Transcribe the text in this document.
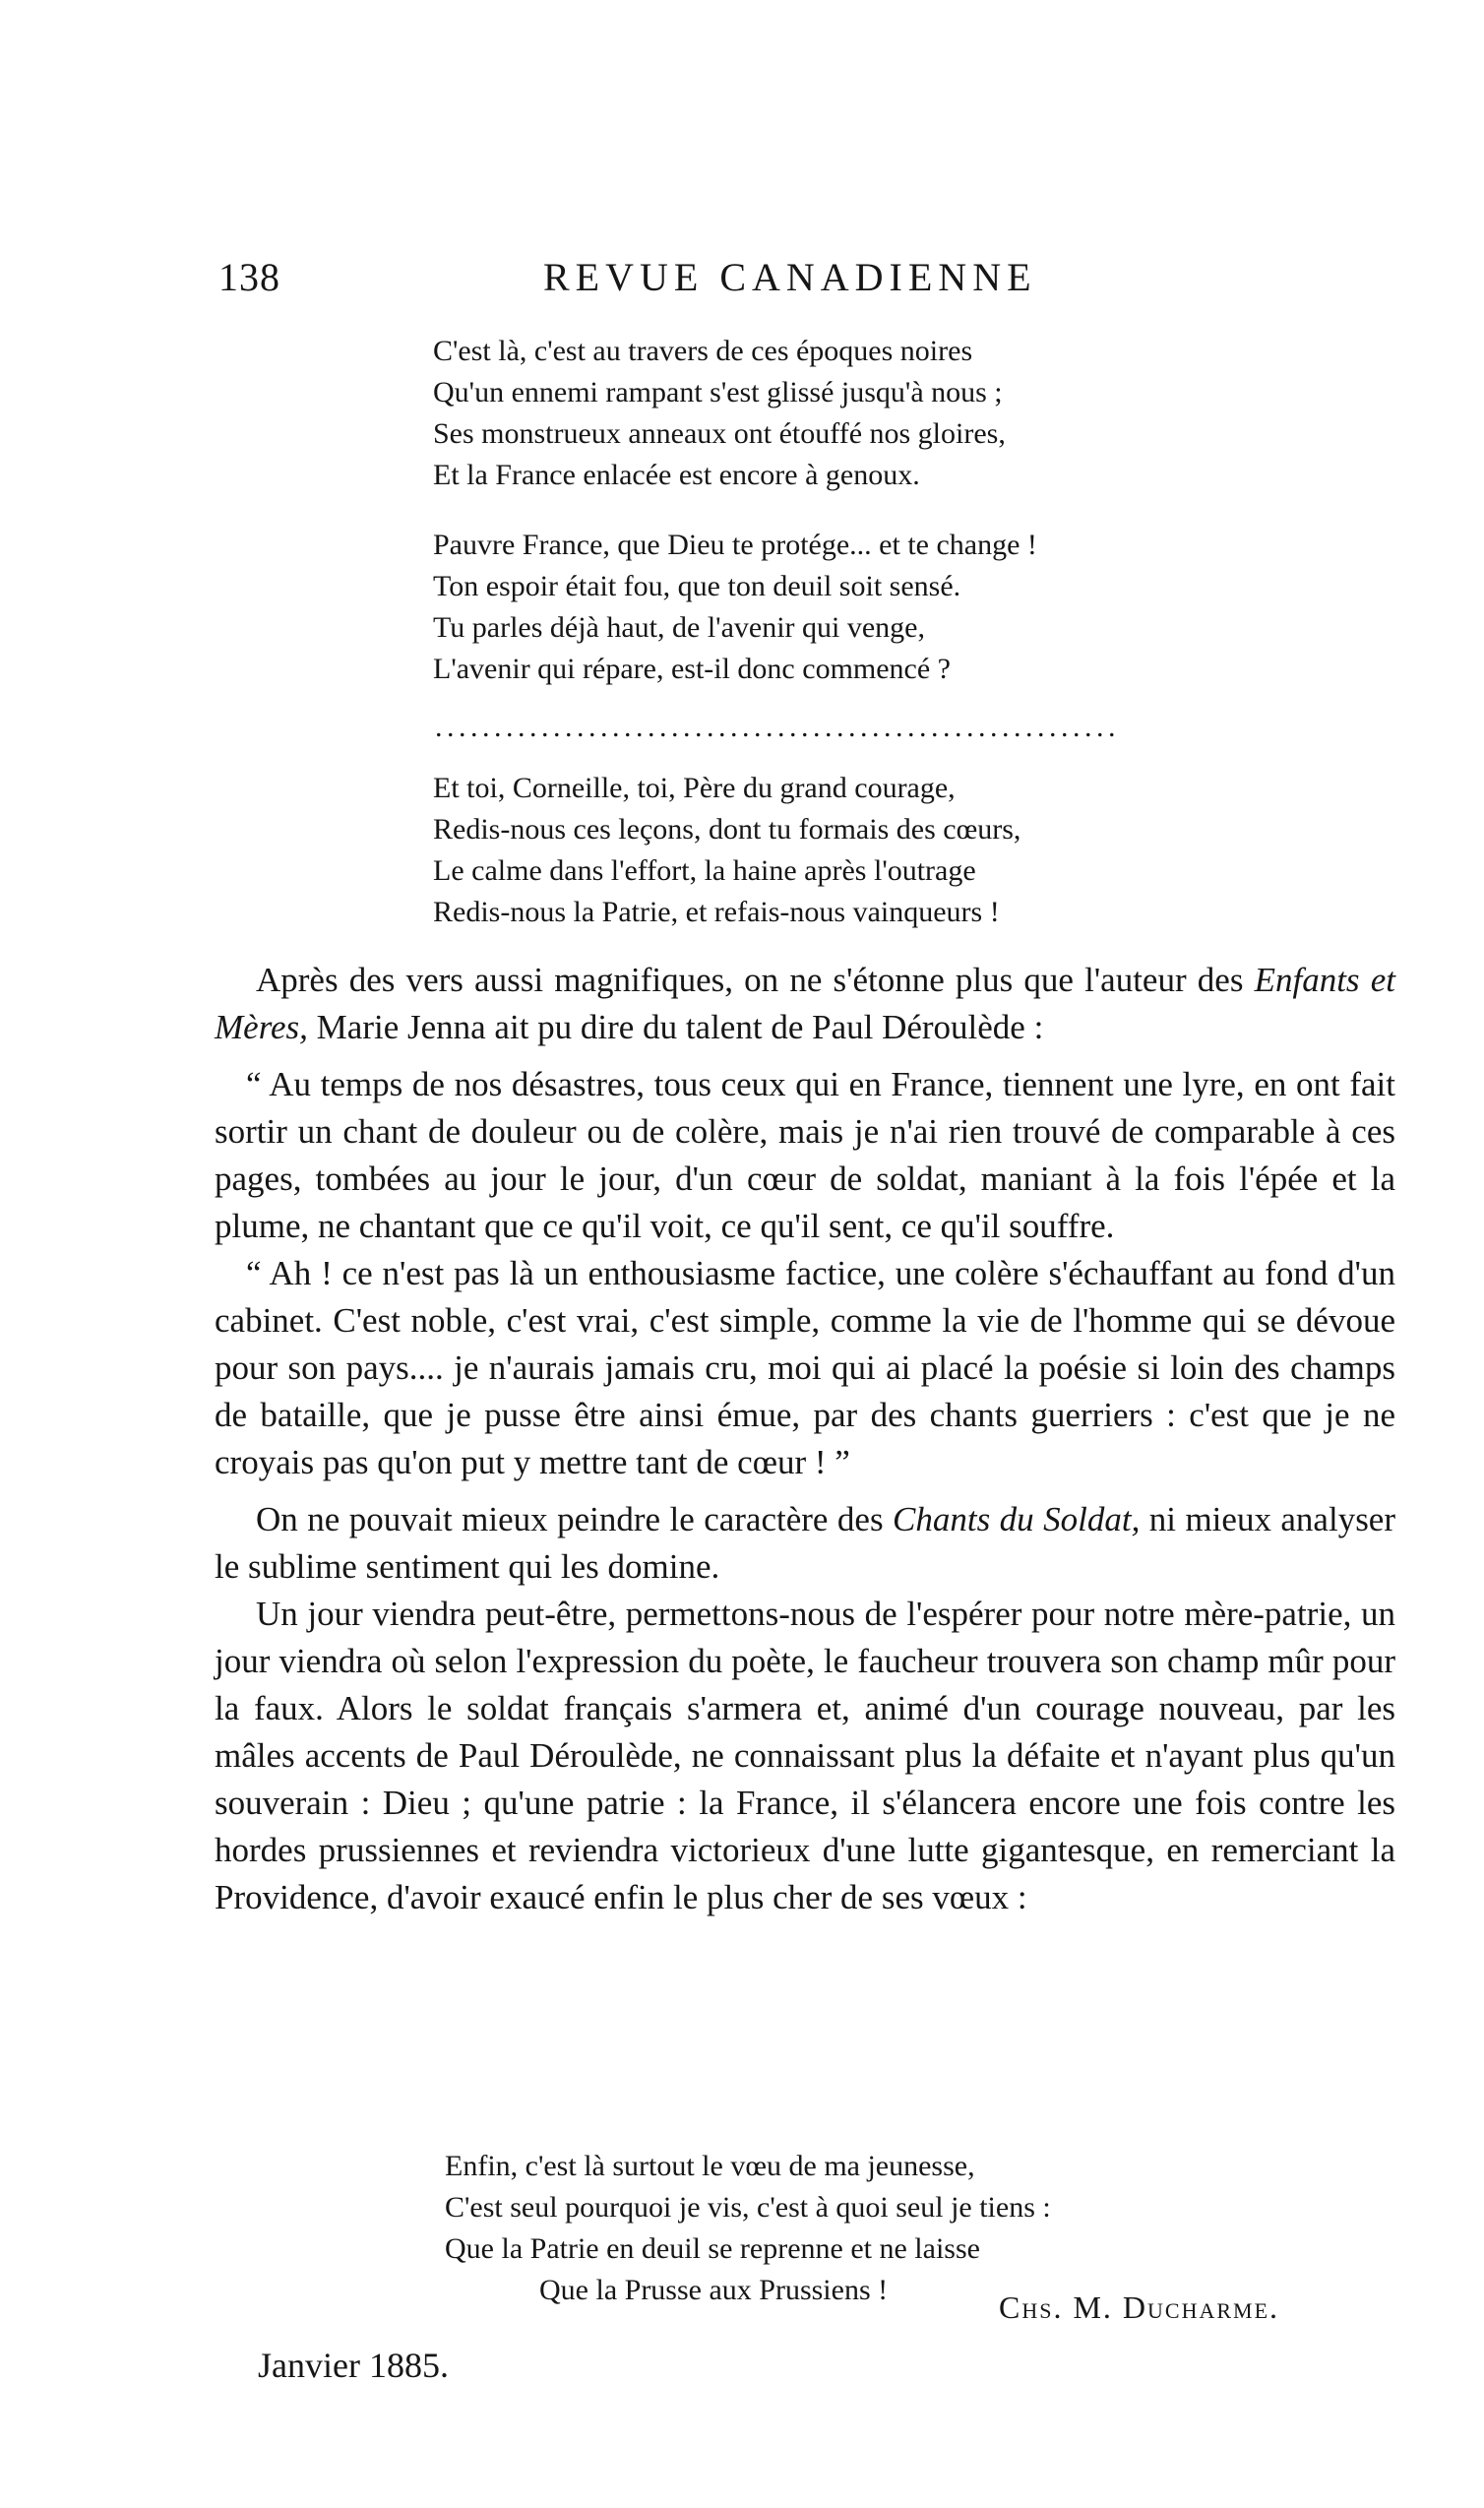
138	REVUE CANADIENNE
C'est là, c'est au travers de ces époques noires
Qu'un ennemi rampant s'est glissé jusqu'à nous ;
Ses monstrueux anneaux ont étouffé nos gloires,
Et la France enlacée est encore à genoux.
Pauvre France, que Dieu te protége... et te change !
Ton espoir était fou, que ton deuil soit sensé.
Tu parles déjà haut, de l'avenir qui venge,
L'avenir qui répare, est-il donc commencé ?
..........................................................
Et toi, Corneille, toi, Père du grand courage,
Redis-nous ces leçons, dont tu formais des cœurs,
Le calme dans l'effort, la haine après l'outrage
Redis-nous la Patrie, et refais-nous vainqueurs !

Après des vers aussi magnifiques, on ne s'étonne plus que l'auteur des Enfants et Mères, Marie Jenna ait pu dire du talent de Paul Déroulède :

“ Au temps de nos désastres, tous ceux qui en France, tiennent une lyre, en ont fait sortir un chant de douleur ou de colère, mais je n'ai rien trouvé de comparable à ces pages, tombées au jour le jour, d'un cœur de soldat, maniant à la fois l'épée et la plume, ne chantant que ce qu'il voit, ce qu'il sent, ce qu'il souffre.

“ Ah ! ce n'est pas là un enthousiasme factice, une colère s'échauffant au fond d'un cabinet. C'est noble, c'est vrai, c'est simple, comme la vie de l'homme qui se dévoue pour son pays.... je n'aurais jamais cru, moi qui ai placé la poésie si loin des champs de bataille, que je pusse être ainsi émue, par des chants guerriers : c'est que je ne croyais pas qu'on put y mettre tant de cœur ! ”

On ne pouvait mieux peindre le caractère des Chants du Soldat, ni mieux analyser le sublime sentiment qui les domine.

Un jour viendra peut-être, permettons-nous de l'espérer pour notre mère-patrie, un jour viendra où selon l'expression du poète, le faucheur trouvera son champ mûr pour la faux. Alors le soldat français s'armera et, animé d'un courage nouveau, par les mâles accents de Paul Déroulède, ne connaissant plus la défaite et n'ayant plus qu'un souverain : Dieu ; qu'une patrie : la France, il s'élancera encore une fois contre les hordes prussiennes et reviendra victorieux d'une lutte gigantesque, en remerciant la Providence, d'avoir exaucé enfin le plus cher de ses vœux :

Enfin, c'est là surtout le vœu de ma jeunesse,
C'est seul pourquoi je vis, c'est à quoi seul je tiens :
Que la Patrie en deuil se reprenne et ne laisse
Que la Prusse aux Prussiens !	Chs. M. Ducharme.
Janvier 1885.
